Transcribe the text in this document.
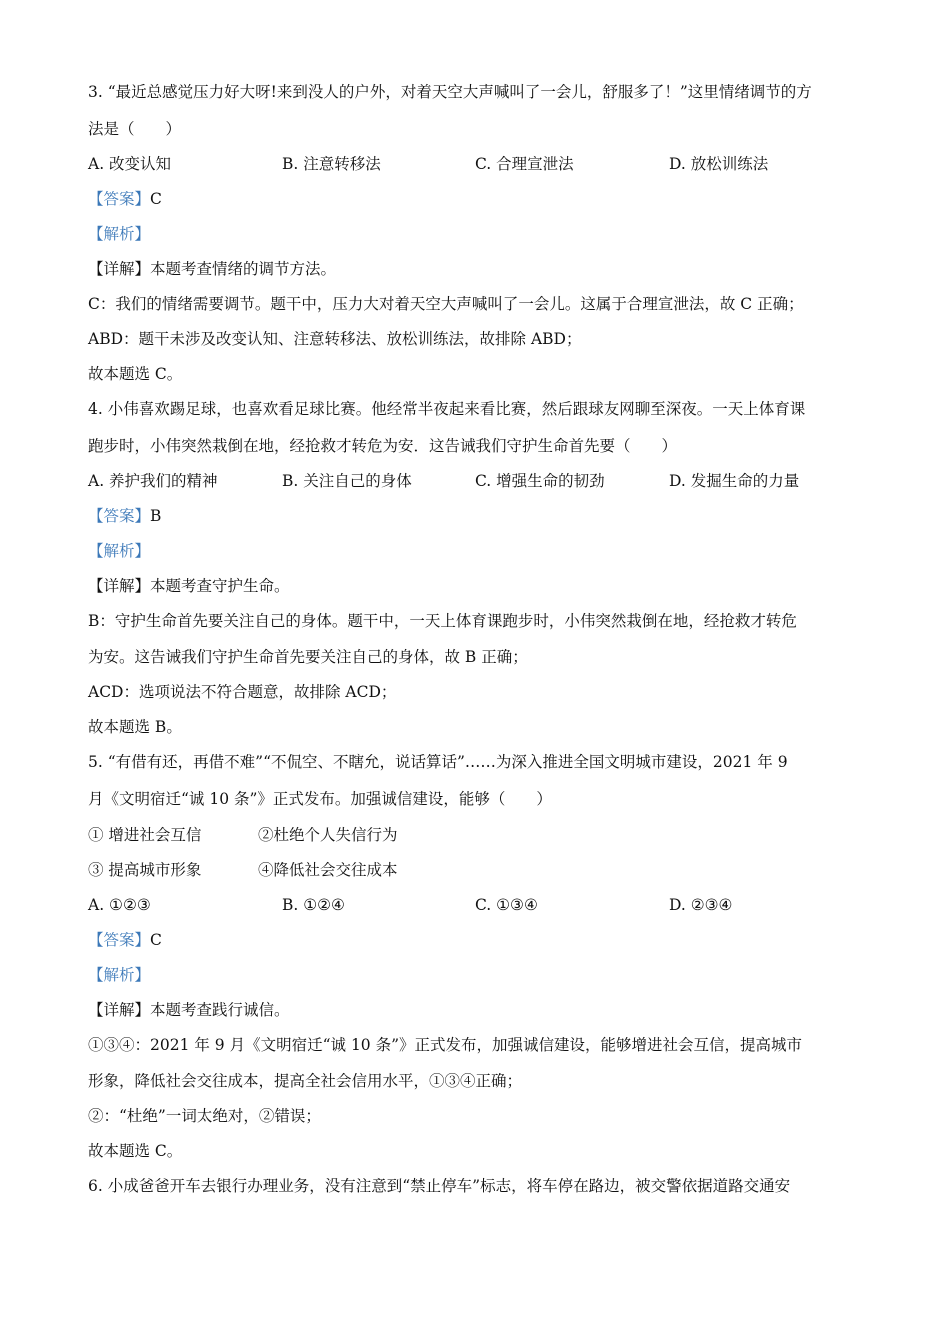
3. “最近总感觉压力好大呀!来到没人的户外，对着天空大声喊叫了一会儿，舒服多了！”这里情绪调节的方
法是（　　）
A. 改变认知	B. 注意转移法	C. 合理宣泄法	D. 放松训练法
【答案】C
【解析】
【详解】本题考查情绪的调节方法。
C：我们的情绪需要调节。题干中，压力大对着天空大声喊叫了一会儿。这属于合理宣泄法，故 C 正确；
ABD：题干未涉及改变认知、注意转移法、放松训练法，故排除 ABD；
故本题选 C。
4. 小伟喜欢踢足球，也喜欢看足球比赛。他经常半夜起来看比赛，然后跟球友网聊至深夜。一天上体育课
跑步时，小伟突然栽倒在地，经抢救才转危为安．这告诫我们守护生命首先要（　　）
A. 养护我们的精神	B. 关注自己的身体	C. 增强生命的韧劲	D. 发掘生命的力量
【答案】B
【解析】
【详解】本题考查守护生命。
B：守护生命首先要关注自己的身体。题干中，一天上体育课跑步时，小伟突然栽倒在地，经抢救才转危
为安。这告诫我们守护生命首先要关注自己的身体，故 B 正确；
ACD：选项说法不符合题意，故排除 ACD；
故本题选 B。
5. “有借有还，再借不难”“不侃空、不瞎允，说话算话”……为深入推进全国文明城市建设，2021 年 9
月《文明宿迁“诚 10 条”》正式发布。加强诚信建设，能够（　　）
① 增进社会互信	②杜绝个人失信行为
③ 提高城市形象	④降低社会交往成本
A. ①②③	B. ①②④	C. ①③④	D. ②③④
【答案】C
【解析】
【详解】本题考查践行诚信。
①③④：2021 年 9 月《文明宿迁“诚 10 条”》正式发布，加强诚信建设，能够增进社会互信，提高城市
形象，降低社会交往成本，提高全社会信用水平，①③④正确；
②：“杜绝”一词太绝对，②错误；
故本题选 C。
6. 小成爸爸开车去银行办理业务，没有注意到“禁止停车”标志，将车停在路边，被交警依据道路交通安
